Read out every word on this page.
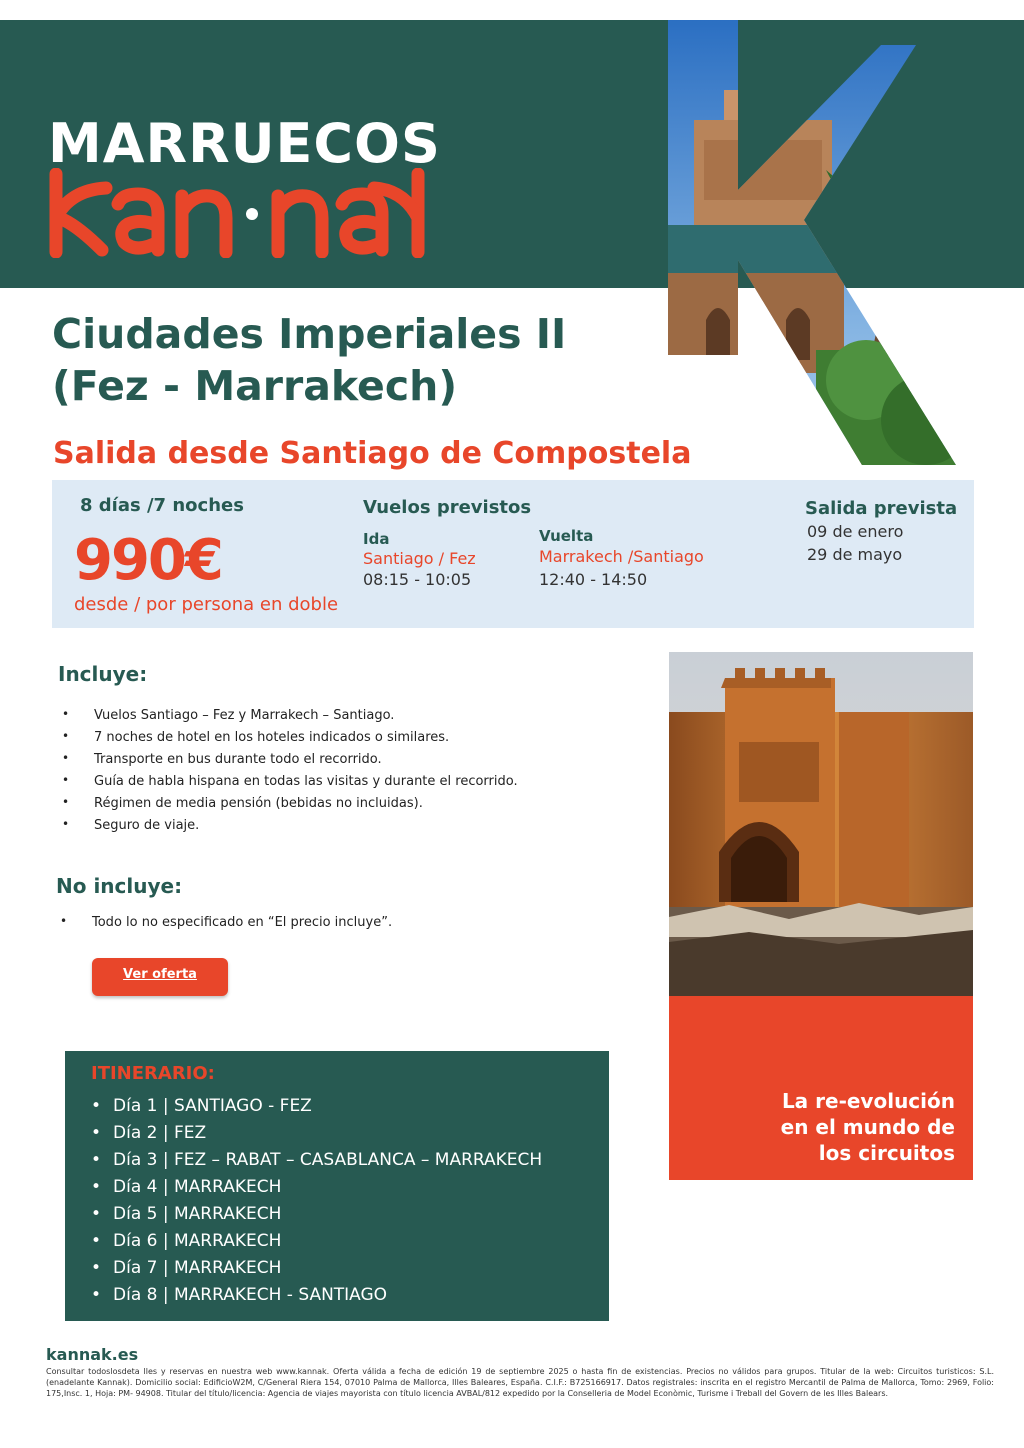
MARRUECOS
Ciudades Imperiales II
(Fez - Marrakech)
Salida desde Santiago de Compostela
8 días /7 noches
990€
desde / por persona en doble
Vuelos previstos
Ida
Santiago / Fez
08:15 - 10:05
Vuelta
Marrakech /Santiago
12:40 - 14:50
Salida prevista
09 de enero
29 de mayo
Incluye:
• Vuelos Santiago – Fez y Marrakech – Santiago.
• 7 noches de hotel en los hoteles indicados o similares.
• Transporte en bus durante todo el recorrido.
• Guía de habla hispana en todas las visitas y durante el recorrido.
• Régimen de media pensión (bebidas no incluidas).
• Seguro de viaje.
No incluye:
• Todo lo no especificado en “El precio incluye”.
Ver oferta
La re-evolución
en el mundo de
los circuitos
ITINERARIO:
• Día 1 | SANTIAGO - FEZ
• Día 2 | FEZ
• Día 3 | FEZ – RABAT – CASABLANCA – MARRAKECH
• Día 4 | MARRAKECH
• Día 5 | MARRAKECH
• Día 6 | MARRAKECH
• Día 7 | MARRAKECH
• Día 8 | MARRAKECH - SANTIAGO
kannak.es
Consultar todoslosdeta lles y reservas en nuestra web www.kannak. Oferta válida a fecha de edición 19 de septiembre 2025 o hasta fin de existencias. Precios no válidos para grupos. Titular de la web: Circuitos turisticos: S.L.(enadelante Kannak). Domicilio social: EdificioW2M, C/General Riera 154, 07010 Palma de Mallorca, Illes Baleares, España. C.I.F.: B725166917. Datos registrales: inscrita en el registro Mercantil de Palma de Mallorca, Tomo: 2969, Folio: 175,Insc. 1, Hoja: PM- 94908. Titular del título/licencia: Agencia de viajes mayorista con título licencia AVBAL/812 expedido por la Conselleria de Model Econòmic, Turisme i Treball del Govern de les Illes Balears.
